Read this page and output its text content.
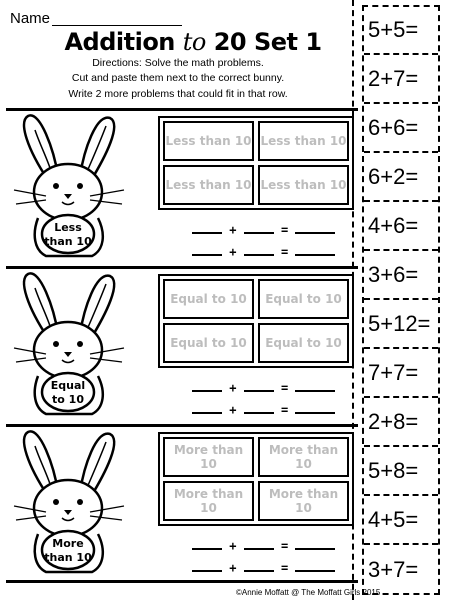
Name
Addition to 20 Set 1
Directions: Solve the math problems.
Cut and paste them next to the correct bunny.
Write 2 more problems that could fit in that row.
Less
than 10
Less than 10 Less than 10
Less than 10 Less than 10
+	=
+	=
Equal
to 10
Equal to 10	Equal to 10
Equal to 10	Equal to 10
+	=
+	=
More
than 10
More than 10
More than 10
More than 10
More than 10
+	=
+	=
5+5=
2+7=
6+6=
6+2=
4+6=
3+6=
5+12=
7+7=
2+8=
5+8=
4+5=
3+7=
©Annie Moffatt @ The Moffatt Girls 2015
